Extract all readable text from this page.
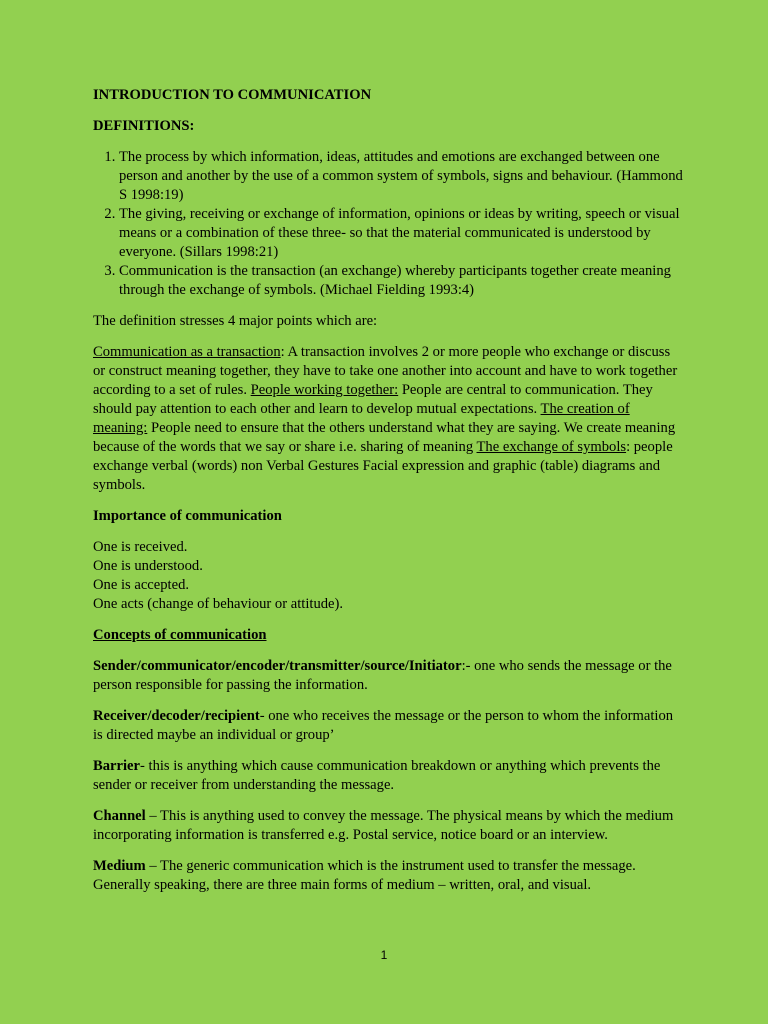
INTRODUCTION TO COMMUNICATION
DEFINITIONS:
1. The process by which information, ideas, attitudes and emotions are exchanged between one person and another by the use of a common system of symbols, signs and behaviour. (Hammond S 1998:19)
2. The giving, receiving or exchange of information, opinions or ideas by writing, speech or visual means or a combination of these three- so that the material communicated is understood by everyone. (Sillars 1998:21)
3. Communication is the transaction (an exchange) whereby participants together create meaning through the exchange of symbols. (Michael Fielding 1993:4)

The definition stresses 4 major points which are:

Communication as a transaction: A transaction involves 2 or more people who exchange or discuss or construct meaning together, they have to take one another into account and have to work together according to a set of rules. People working together: People are central to communication. They should pay attention to each other and learn to develop mutual expectations. The creation of meaning: People need to ensure that the others understand what they are saying. We create meaning because of the words that we say or share i.e. sharing of meaning The exchange of symbols: people exchange verbal (words) non Verbal Gestures Facial expression and graphic (table) diagrams and symbols.

Importance of communication
One is received.
One is understood.
One is accepted.
One acts (change of behaviour or attitude).
Concepts of communication

Sender/communicator/encoder/transmitter/source/Initiator:- one who sends the message or the person responsible for passing the information.

Receiver/decoder/recipient- one who receives the message or the person to whom the information is directed maybe an individual or group’

Barrier- this is anything which cause communication breakdown or anything which prevents the sender or receiver from understanding the message.

Channel – This is anything used to convey the message. The physical means by which the medium incorporating information is transferred e.g. Postal service, notice board or an interview.

Medium – The generic communication which is the instrument used to transfer the message. Generally speaking, there are three main forms of medium – written, oral, and visual.

1
